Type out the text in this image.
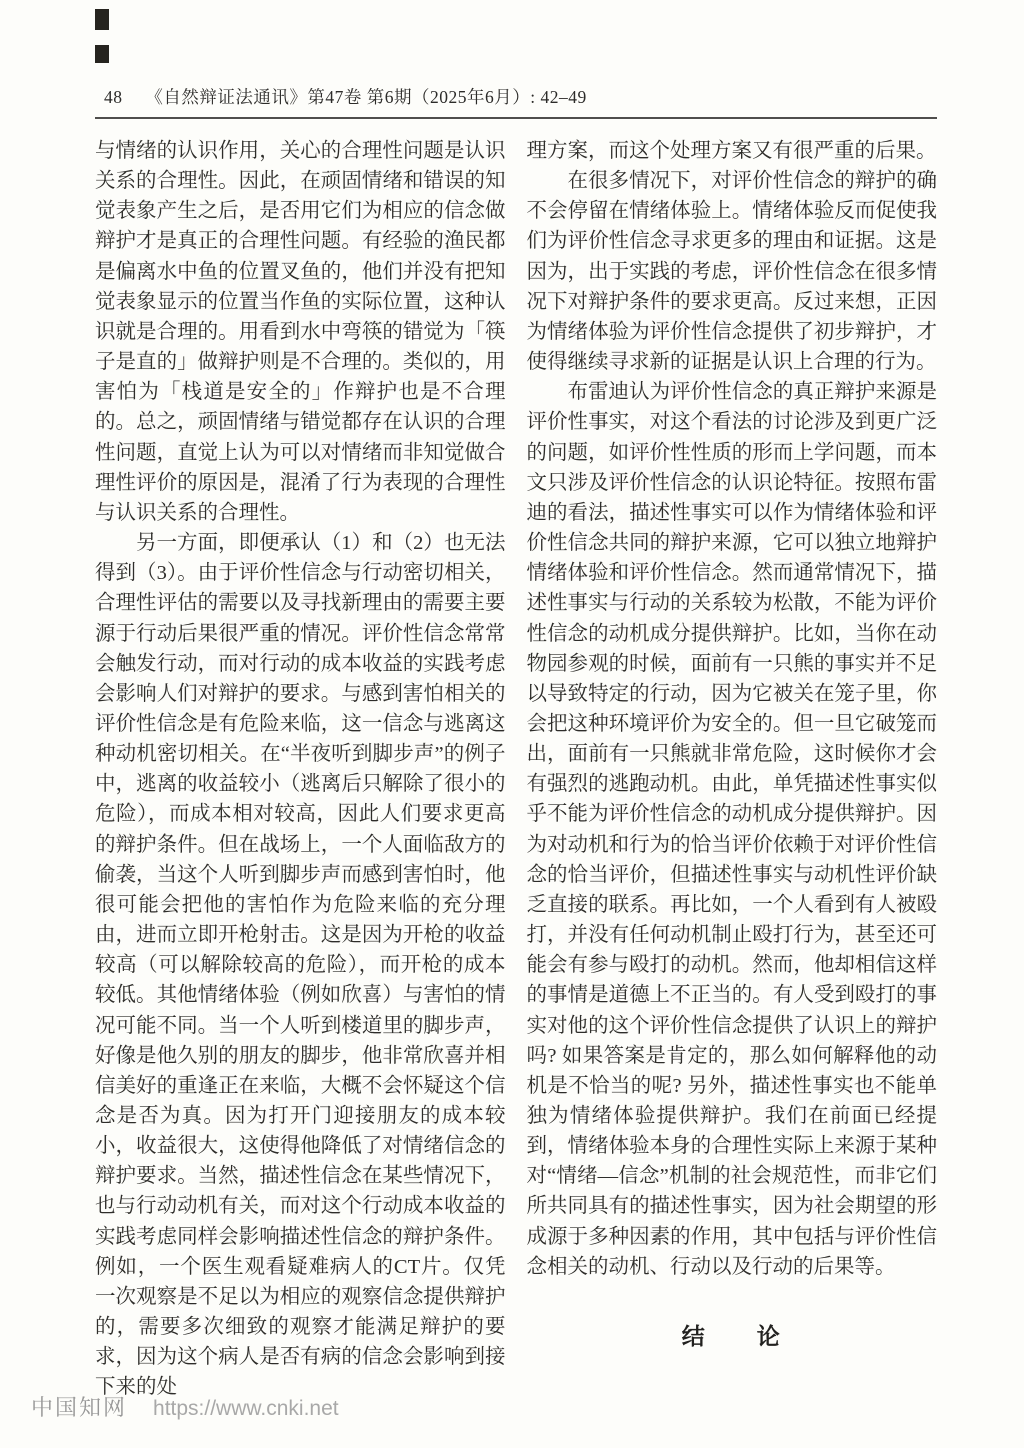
48 《自然辩证法通讯》第47卷 第6期（2025年6月）: 42–49

与情绪的认识作用，关心的合理性问题是认识关系的合理性。因此，在顽固情绪和错误的知觉表象产生之后，是否用它们为相应的信念做辩护才是真正的合理性问题。有经验的渔民都是偏离水中鱼的位置叉鱼的，他们并没有把知觉表象显示的位置当作鱼的实际位置，这种认识就是合理的。用看到水中弯筷的错觉为「筷子是直的」做辩护则是不合理的。类似的，用害怕为「栈道是安全的」作辩护也是不合理的。总之，顽固情绪与错觉都存在认识的合理性问题，直觉上认为可以对情绪而非知觉做合理性评价的原因是，混淆了行为表现的合理性与认识关系的合理性。

另一方面，即便承认（1）和（2）也无法得到（3）。由于评价性信念与行动密切相关，合理性评估的需要以及寻找新理由的需要主要源于行动后果很严重的情况。评价性信念常常会触发行动，而对行动的成本收益的实践考虑会影响人们对辩护的要求。与感到害怕相关的评价性信念是有危险来临，这一信念与逃离这种动机密切相关。在“半夜听到脚步声”的例子中，逃离的收益较小（逃离后只解除了很小的危险），而成本相对较高，因此人们要求更高的辩护条件。但在战场上，一个人面临敌方的偷袭，当这个人听到脚步声而感到害怕时，他很可能会把他的害怕作为危险来临的充分理由，进而立即开枪射击。这是因为开枪的收益较高（可以解除较高的危险），而开枪的成本较低。其他情绪体验（例如欣喜）与害怕的情况可能不同。当一个人听到楼道里的脚步声，好像是他久别的朋友的脚步，他非常欣喜并相信美好的重逢正在来临，大概不会怀疑这个信念是否为真。因为打开门迎接朋友的成本较小，收益很大，这使得他降低了对情绪信念的辩护要求。当然，描述性信念在某些情况下，也与行动动机有关，而对这个行动成本收益的实践考虑同样会影响描述性信念的辩护条件。例如，一个医生观看疑难病人的CT片。仅凭一次观察是不足以为相应的观察信念提供辩护的，需要多次细致的观察才能满足辩护的要求，因为这个病人是否有病的信念会影响到接下来的处

理方案，而这个处理方案又有很严重的后果。

在很多情况下，对评价性信念的辩护的确不会停留在情绪体验上。情绪体验反而促使我们为评价性信念寻求更多的理由和证据。这是因为，出于实践的考虑，评价性信念在很多情况下对辩护条件的要求更高。反过来想，正因为情绪体验为评价性信念提供了初步辩护，才使得继续寻求新的证据是认识上合理的行为。

布雷迪认为评价性信念的真正辩护来源是评价性事实，对这个看法的讨论涉及到更广泛的问题，如评价性性质的形而上学问题，而本文只涉及评价性信念的认识论特征。按照布雷迪的看法，描述性事实可以作为情绪体验和评价性信念共同的辩护来源，它可以独立地辩护情绪体验和评价性信念。然而通常情况下，描述性事实与行动的关系较为松散，不能为评价性信念的动机成分提供辩护。比如，当你在动物园参观的时候，面前有一只熊的事实并不足以导致特定的行动，因为它被关在笼子里，你会把这种环境评价为安全的。但一旦它破笼而出，面前有一只熊就非常危险，这时候你才会有强烈的逃跑动机。由此，单凭描述性事实似乎不能为评价性信念的动机成分提供辩护。因为对动机和行为的恰当评价依赖于对评价性信念的恰当评价，但描述性事实与动机性评价缺乏直接的联系。再比如，一个人看到有人被殴打，并没有任何动机制止殴打行为，甚至还可能会有参与殴打的动机。然而，他却相信这样的事情是道德上不正当的。有人受到殴打的事实对他的这个评价性信念提供了认识上的辩护吗? 如果答案是肯定的，那么如何解释他的动机是不恰当的呢? 另外，描述性事实也不能单独为情绪体验提供辩护。我们在前面已经提到，情绪体验本身的合理性实际上来源于某种对“情绪—信念”机制的社会规范性，而非它们所共同具有的描述性事实，因为社会期望的形成源于多种因素的作用，其中包括与评价性信念相关的动机、行动以及行动的后果等。

结　　论
中国知网 https://www.cnki.net
